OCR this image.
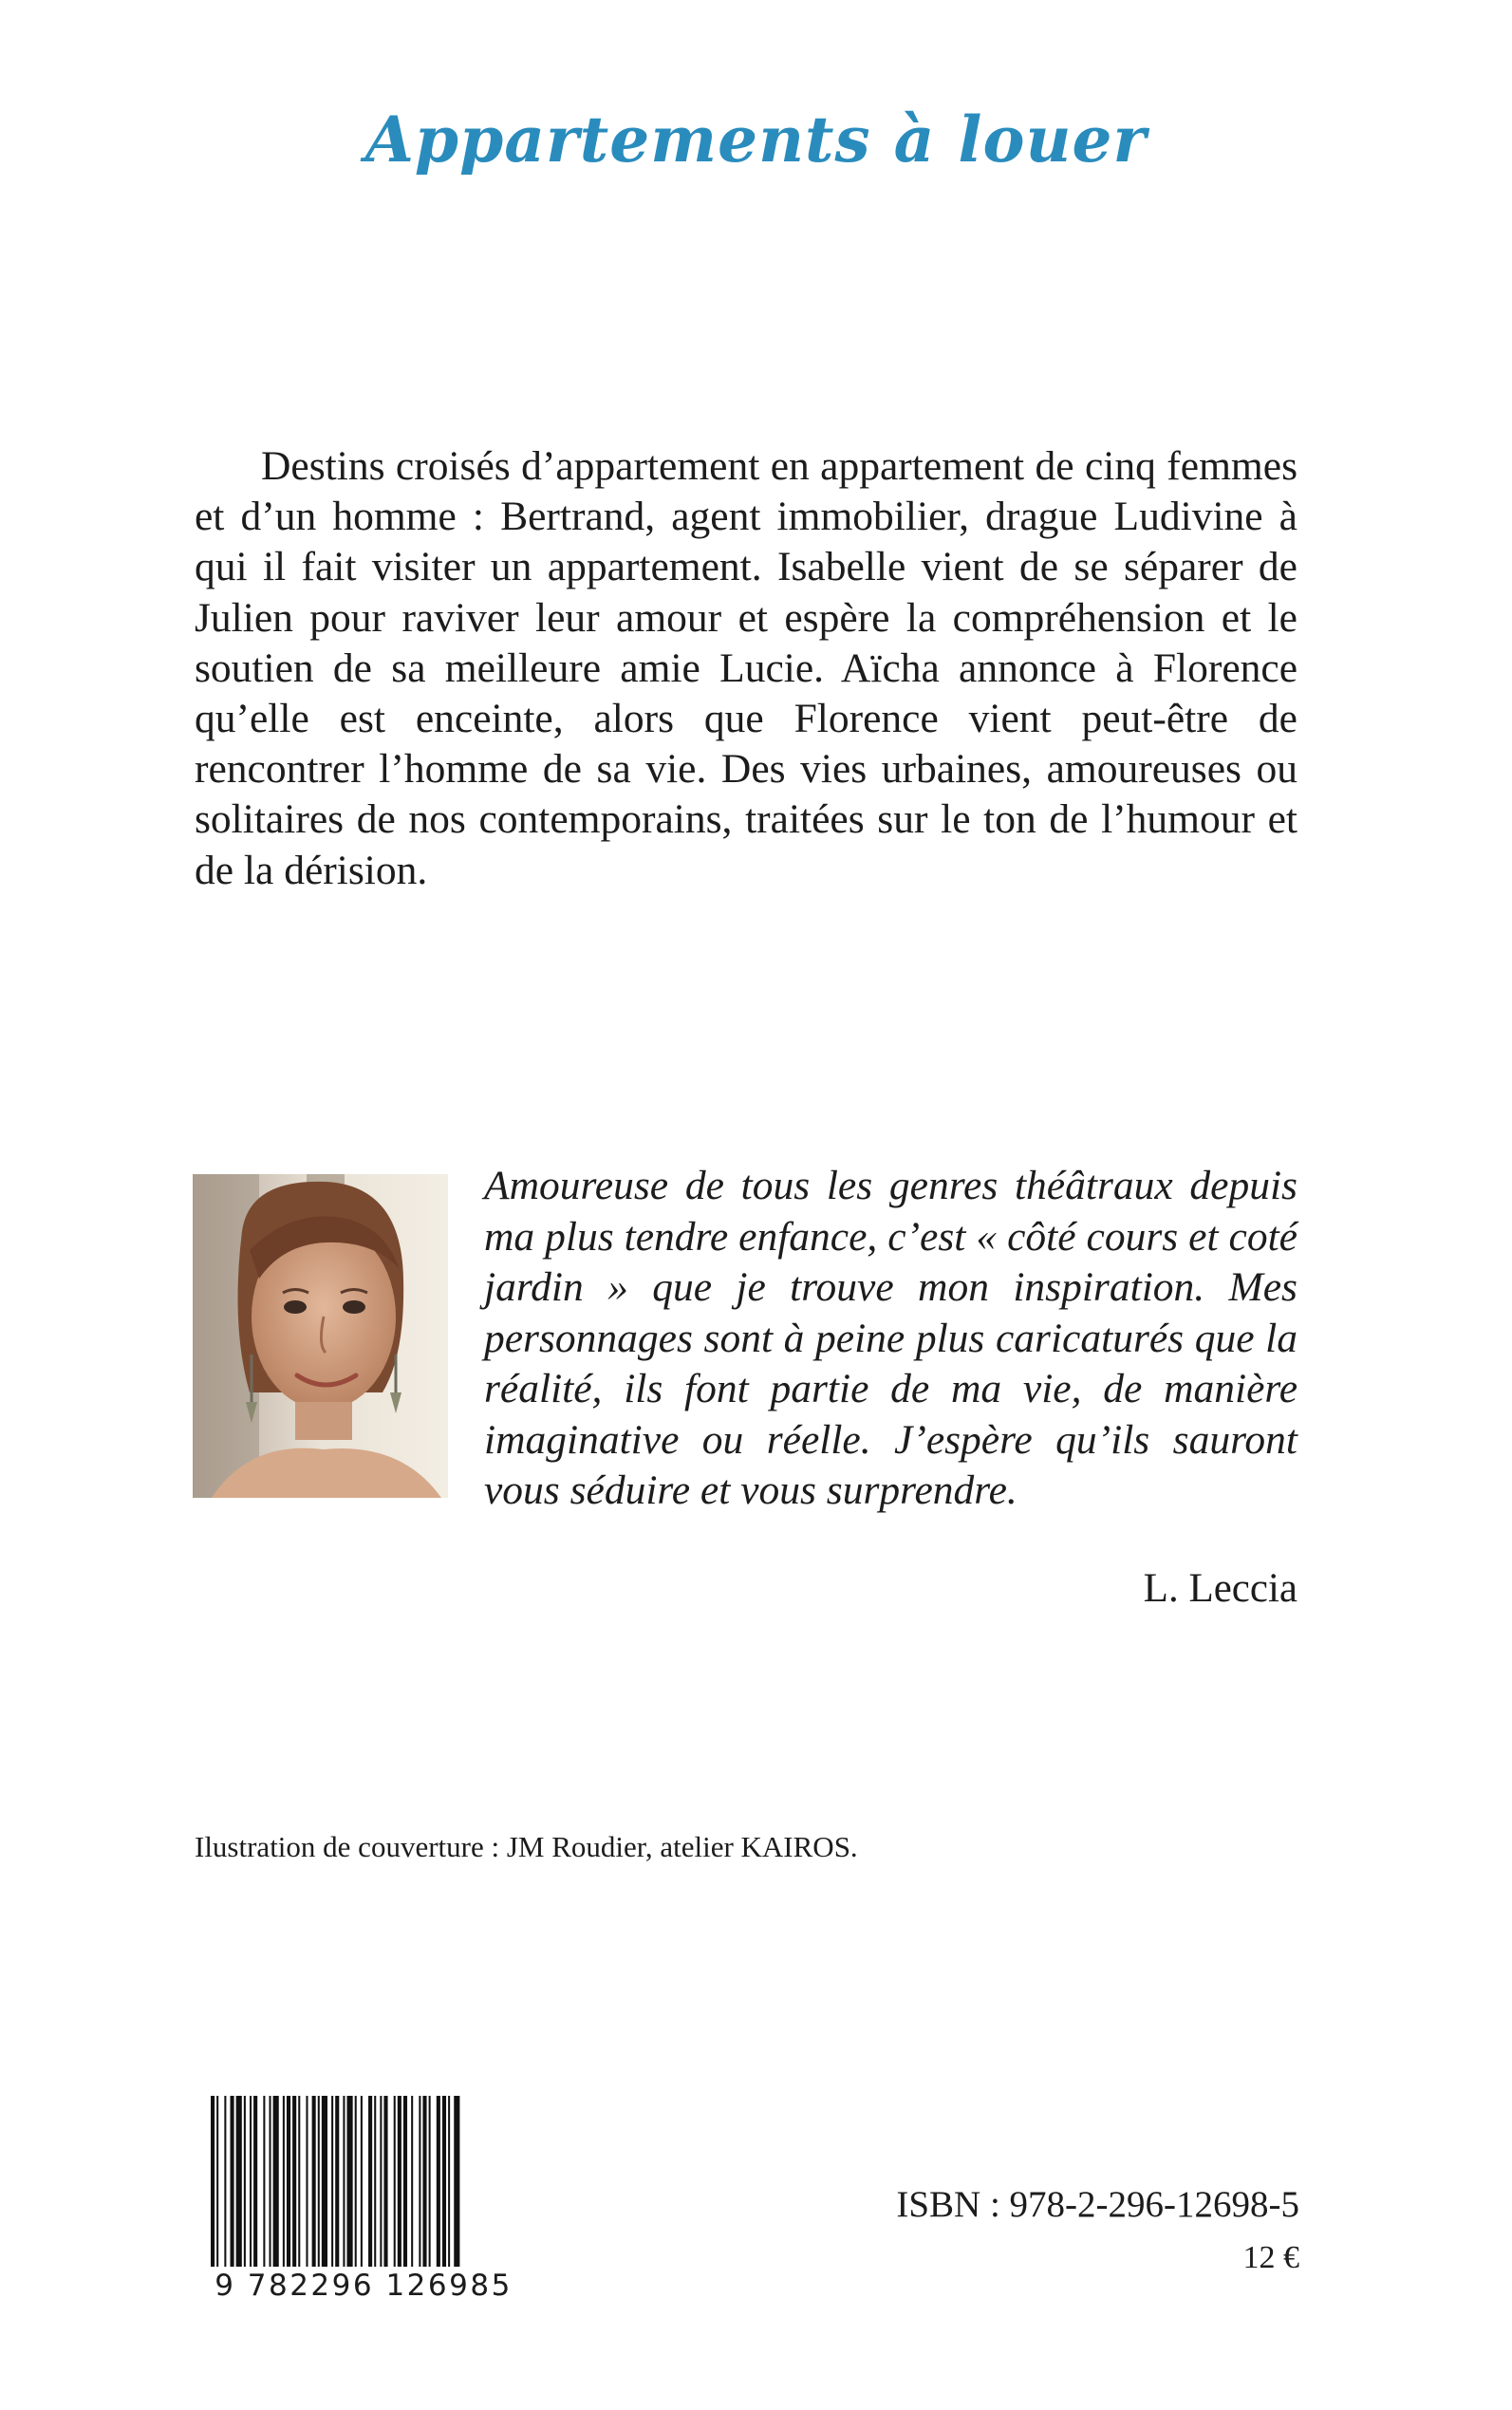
Appartements à louer

Destins croisés d’appartement en appartement de cinq femmes et d’un homme : Bertrand, agent immobilier, drague Ludivine à qui il fait visiter un appartement. Isabelle vient de se séparer de Julien pour raviver leur amour et espère la compréhension et le soutien de sa meilleure amie Lucie. Aïcha annonce à Florence qu’elle est enceinte, alors que Florence vient peut-être de rencontrer l’homme de sa vie. Des vies urbaines, amoureuses ou solitaires de nos contemporains, traitées sur le ton de l’humour et de la dérision.

Amoureuse de tous les genres théâtraux depuis ma plus tendre enfance, c’est « côté cours et coté jardin » que je trouve mon inspiration. Mes personnages sont à peine plus caricaturés que la réalité, ils font partie de ma vie, de manière imaginative ou réelle. J’espère qu’ils sauront vous séduire et vous surprendre.

L. Leccia

Ilustration de couverture : JM Roudier, atelier KAIROS.

9 782296 126985

ISBN : 978-2-296-12698-5

12 €
